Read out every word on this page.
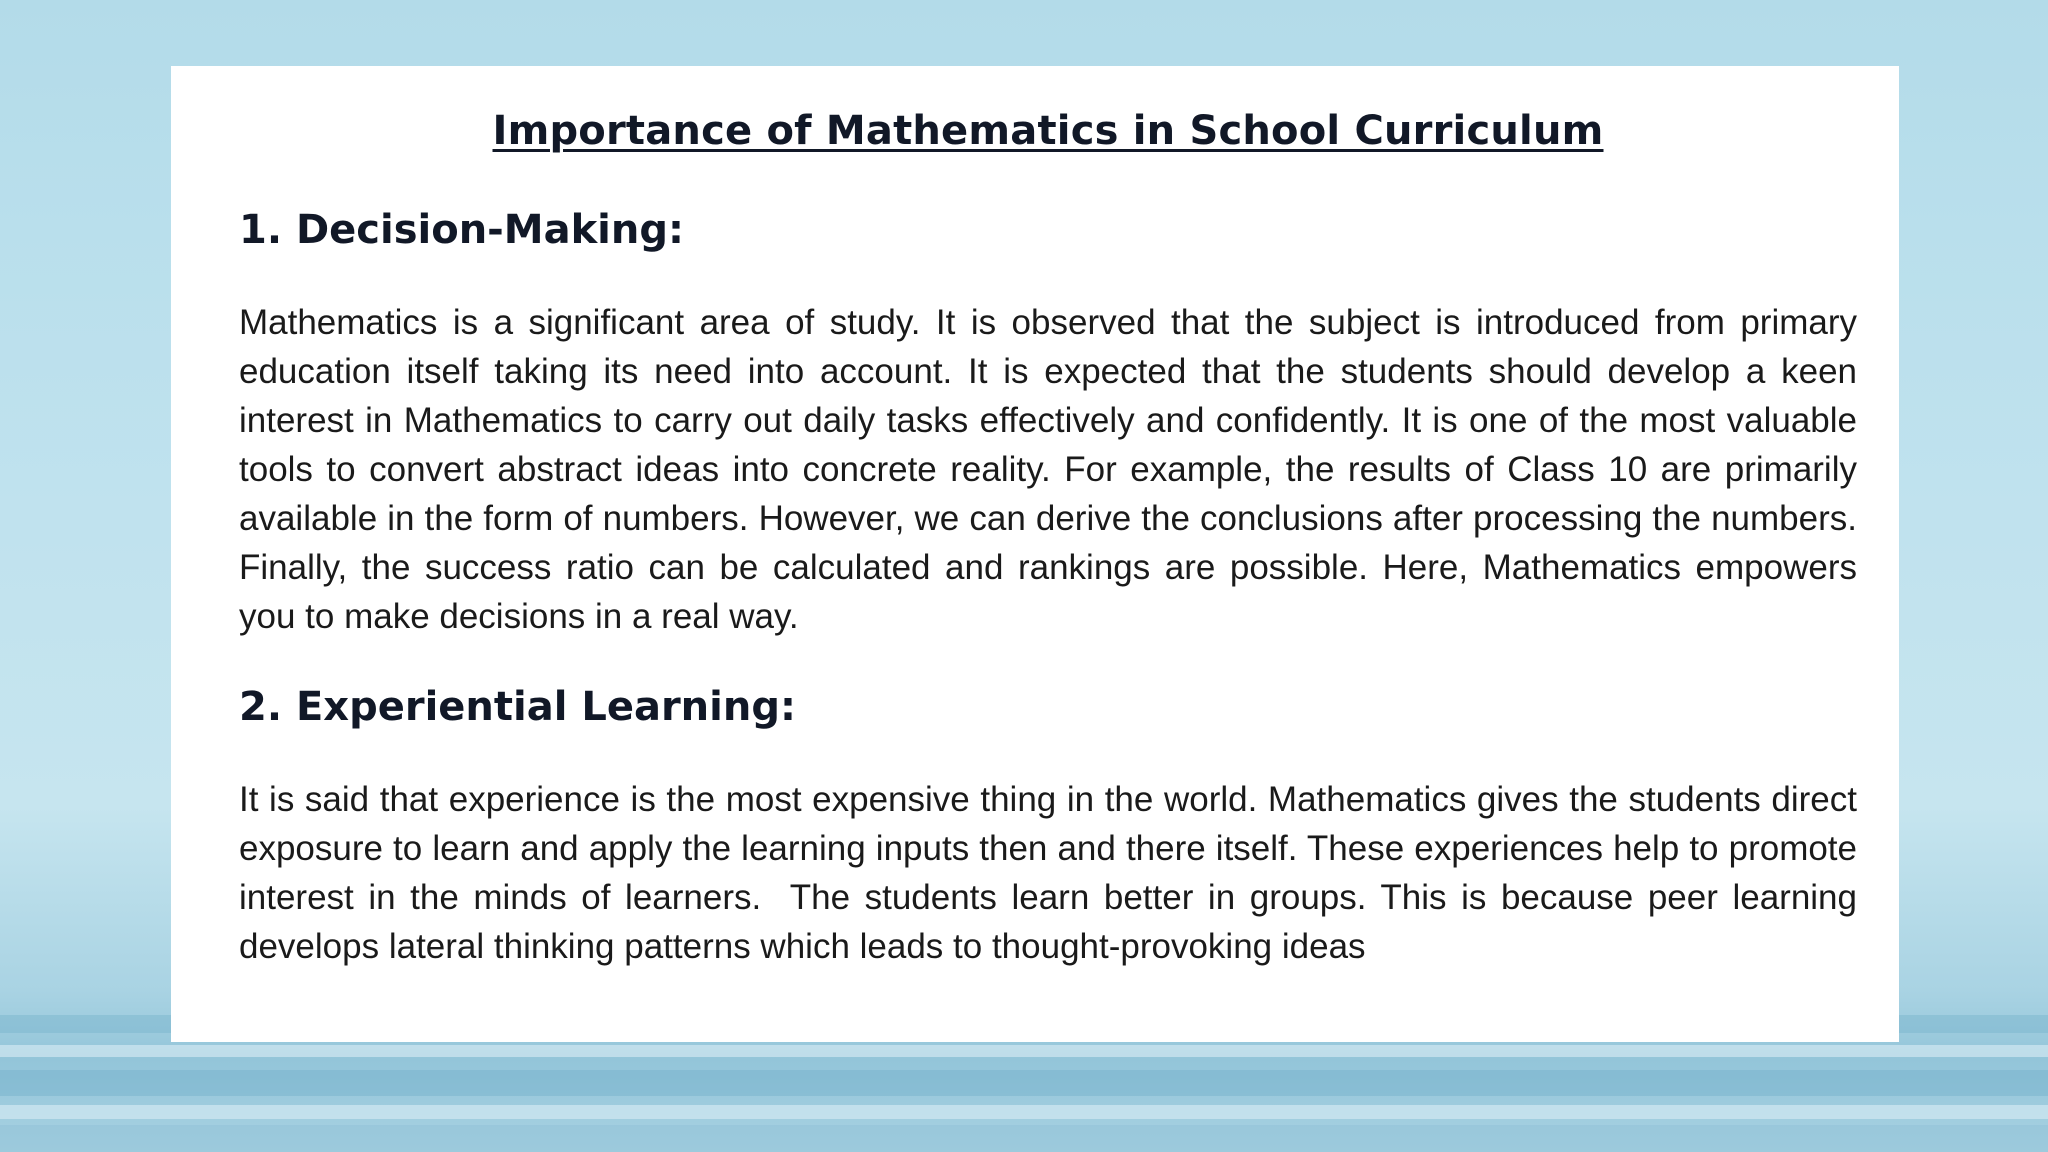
Importance of Mathematics in School Curriculum
1. Decision-Making:

Mathematics is a significant area of study. It is observed that the subject is introduced from primary education itself taking its need into account. It is expected that the students should develop a keen interest in Mathematics to carry out daily tasks effectively and confidently. It is one of the most valuable tools to convert abstract ideas into concrete reality. For example, the results of Class 10 are primarily available in the form of numbers. However, we can derive the conclusions after processing the numbers. Finally, the success ratio can be calculated and rankings are possible. Here, Mathematics empowers you to make decisions in a real way.

2. Experiential Learning:

It is said that experience is the most expensive thing in the world. Mathematics gives the students direct exposure to learn and apply the learning inputs then and there itself. These experiences help to promote interest in the minds of learners.  The students learn better in groups. This is because peer learning develops lateral thinking patterns which leads to thought-provoking ideas
